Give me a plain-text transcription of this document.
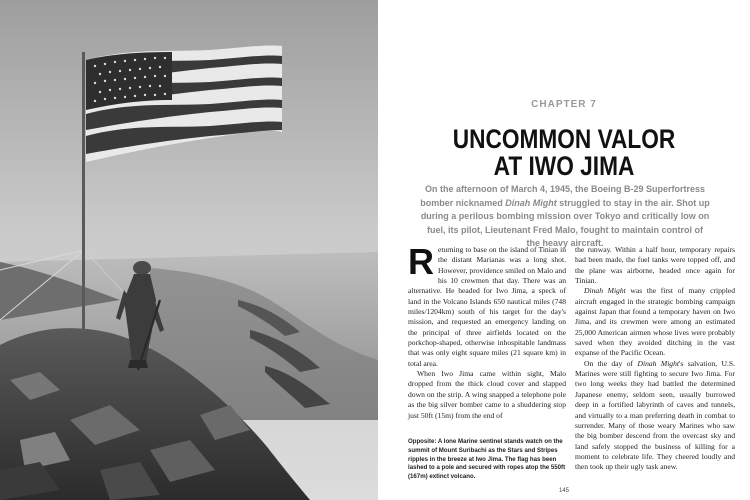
CHAPTER 7

UNCOMMON VALOR
AT IWO JIMA

On the afternoon of March 4, 1945, the Boeing B-29 Superfortress bomber nicknamed Dinah Might struggled to stay in the air. Shot up during a perilous bombing mission over Tokyo and critically low on fuel, its pilot, Lieutenant Fred Malo, fought to maintain control of the heavy aircraft.

Returning to base on the island of Tinian in the distant Marianas was a long shot. However, providence smiled on Malo and his 10 crewmen that day. There was an alternative. He headed for Iwo Jima, a speck of land in the Volcano Islands 650 nautical miles (748 miles/1204km) south of his target for the day's mission, and requested an emergency landing on the principal of three airfields located on the porkchop-shaped, otherwise inhospitable landmass that was only eight square miles (21 square km) in total area.

When Iwo Jima came within sight, Malo dropped from the thick cloud cover and slapped down on the strip. A wing snapped a telephone pole as the big silver bomber came to a shuddering stop just 50ft (15m) from the end of

the runway. Within a half hour, temporary repairs had been made, the fuel tanks were topped off, and the plane was airborne, headed once again for Tinian.

Dinah Might was the first of many crippled aircraft engaged in the strategic bombing campaign against Japan that found a temporary haven on Iwo Jima, and its crewmen were among an estimated 25,000 American airmen whose lives were probably saved when they avoided ditching in the vast expanse of the Pacific Ocean.

On the day of Dinah Might's salvation, U.S. Marines were still fighting to secure Iwo Jima. For two long weeks they had battled the determined Japanese enemy, seldom seen, usually burrowed deep in a fortified labyrinth of caves and tunnels, and virtually to a man preferring death in combat to surrender. Many of those weary Marines who saw the big bomber descend from the overcast sky and land safely stopped the business of killing for a moment to celebrate life. They cheered loudly and then took up their ugly task anew.

Opposite: A lone Marine sentinel stands watch on the summit of Mount Suribachi as the Stars and Stripes ripples in the breeze at Iwo Jima. The flag has been lashed to a pole and secured with ropes atop the 550ft (167m) extinct volcano.

145
